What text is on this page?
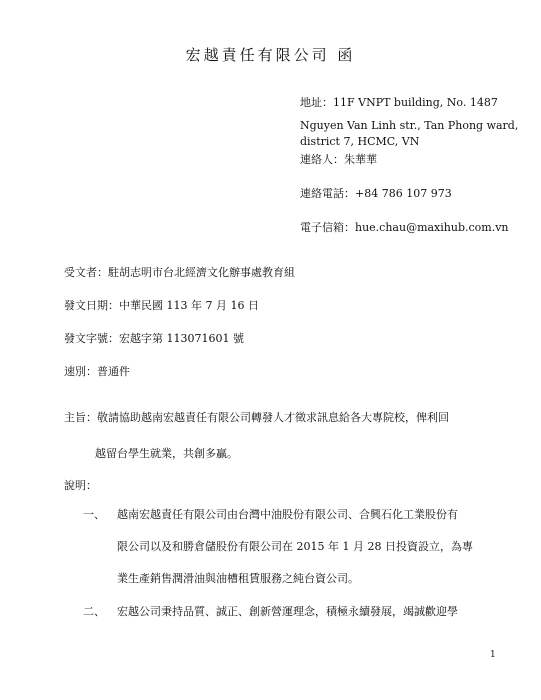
宏越責任有限公司 函
地址：11F VNPT building, No. 1487
Nguyen Van Linh str., Tan Phong ward,
district 7, HCMC, VN
連絡人：朱華華
連絡電話：+84 786 107 973
電子信箱：hue.chau@maxihub.com.vn
受文者：駐胡志明市台北經濟文化辦事處教育組
發文日期：中華民國 113 年 7 月 16 日
發文字號：宏越字第 113071601 號
速別：普通件
主旨：敬請協助越南宏越責任有限公司轉發人才徵求訊息給各大專院校，俾利回
越留台學生就業，共創多贏。
說明：
一、 越南宏越責任有限公司由台灣中油股份有限公司、合興石化工業股份有
限公司以及和勝倉儲股份有限公司在 2015 年 1 月 28 日投資設立，為專
業生產銷售潤滑油與油槽租賃服務之純台資公司。
二、 宏越公司秉持品質、誠正、創新營運理念，積極永續發展，竭誠歡迎學
1
